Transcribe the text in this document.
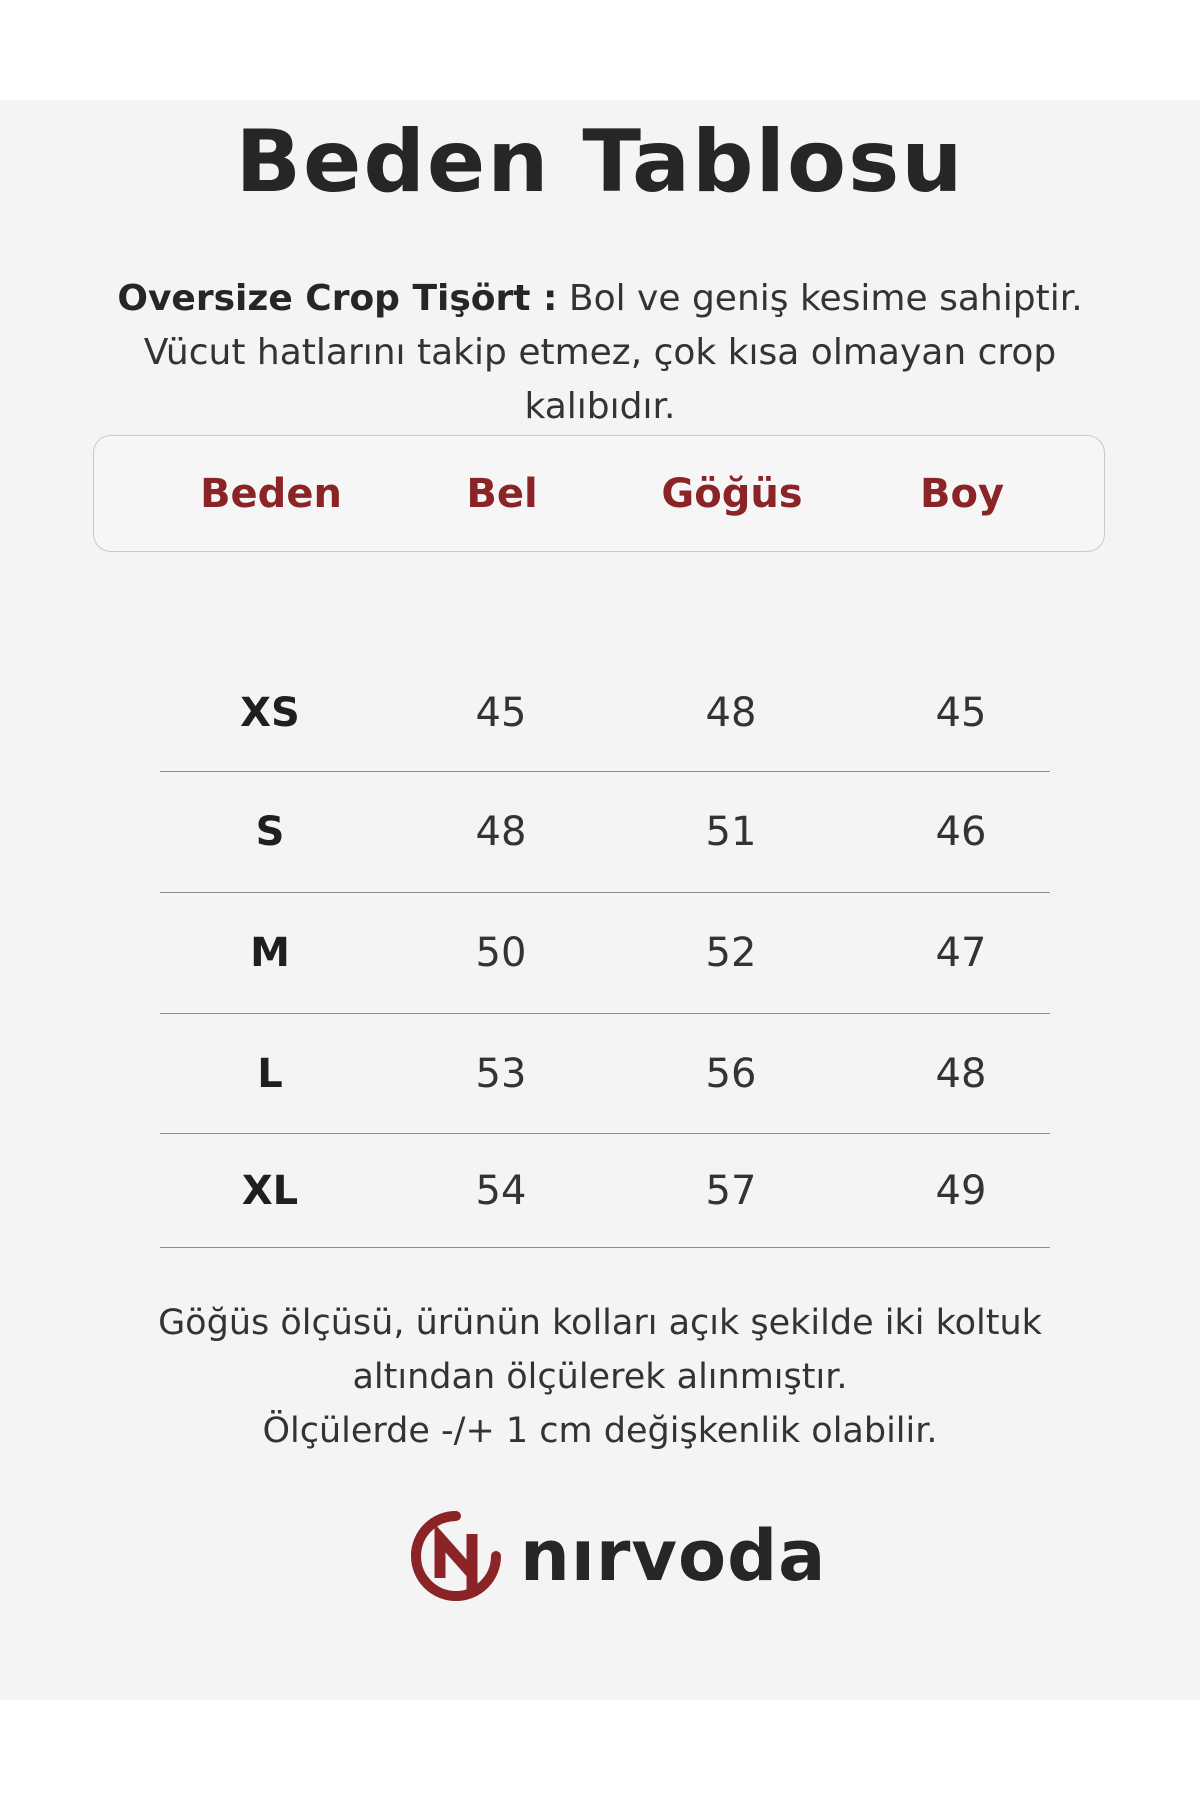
Beden Tablosu

Oversize Crop Tişört : Bol ve geniş kesime sahiptir. Vücut hatlarını takip etmez, çok kısa olmayan crop kalıbıdır.

Beden	Bel	Göğüs	Boy
XS	45	48	45
S	48	51	46
M	50	52	47
L	53	56	48
XL	54	57	49
Göğüs ölçüsü, ürünün kolları açık şekilde iki koltuk
altından ölçülerek alınmıştır.
Ölçülerde -/+ 1 cm değişkenlik olabilir.
nırvoda
